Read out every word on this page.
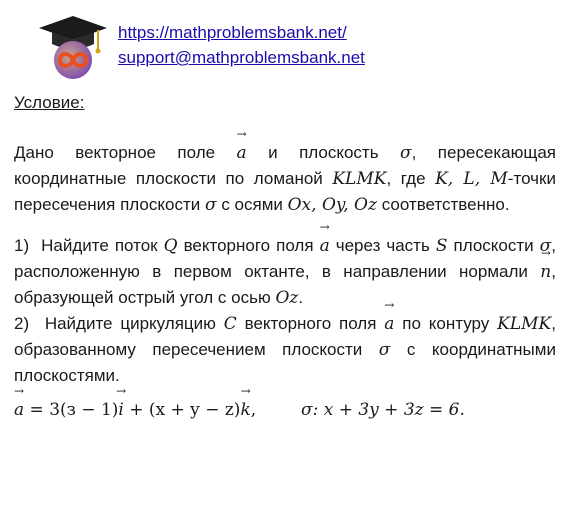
https://mathproblemsbank.net/
support@mathproblemsbank.net

Условие:

Дано векторное поле → a и плоскость σ, пересекающая координатные плоскости по ломаной KLMK, где K, L, M-точки пересечения плоскости σ с осями Ox, Oy, Oz соответственно.

1) Найдите поток Q векторного поля → a через часть S плоскости σ, расположенную в первом октанте, в направлении нормали → n, образующей острый угол с осью Oz.

2) Найдите циркуляцию C векторного поля → a по контуру KLMK, образованному пересечением плоскости σ с координатными плоскостями.

→ a = 3(з − 1)→ i + (x + y − z)→ k,	σ: x + 3y + 3z = 6.
